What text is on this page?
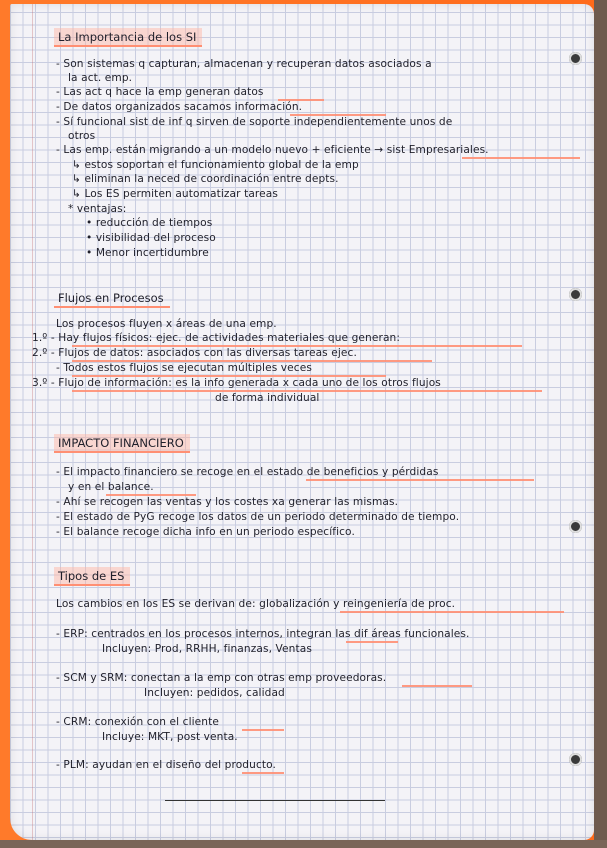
La Importancia de los SI
- Son sistemas q capturan, almacenan y recuperan datos asociados a
la act. emp.
- Las act q hace la emp generan datos
- De datos organizados sacamos información.
- Sí funcional sist de inf q sirven de soporte independientemente unos de
otros
- Las emp. están migrando a un modelo nuevo + eficiente → sist Empresariales.
↳ estos soportan el funcionamiento global de la emp
↳ eliminan la neced de coordinación entre depts.
↳ Los ES permiten automatizar tareas
* ventajas:
• reducción de tiempos
• visibilidad del proceso
• Menor incertidumbre
Flujos en Procesos
Los procesos fluyen x áreas de una emp.
1.º - Hay flujos físicos: ejec. de actividades materiales que generan:
2.º - Flujos de datos: asociados con las diversas tareas ejec.
- Todos estos flujos se ejecutan múltiples veces
3.º - Flujo de información: es la info generada x cada uno de los otros flujos
de forma individual
IMPACTO FINANCIERO
- El impacto financiero se recoge en el estado de beneficios y pérdidas
y en el balance.
- Ahí se recogen las ventas y los costes xa generar las mismas.
- El estado de PyG recoge los datos de un periodo determinado de tiempo.
- El balance recoge dicha info en un periodo específico.
Tipos de ES
Los cambios en los ES se derivan de: globalización y reingeniería de proc.
- ERP: centrados en los procesos internos, integran las dif áreas funcionales.
Incluyen: Prod, RRHH, finanzas, Ventas
- SCM y SRM: conectan a la emp con otras emp proveedoras.
Incluyen: pedidos, calidad
- CRM: conexión con el cliente
Incluye: MKT, post venta.
- PLM: ayudan en el diseño del producto.
